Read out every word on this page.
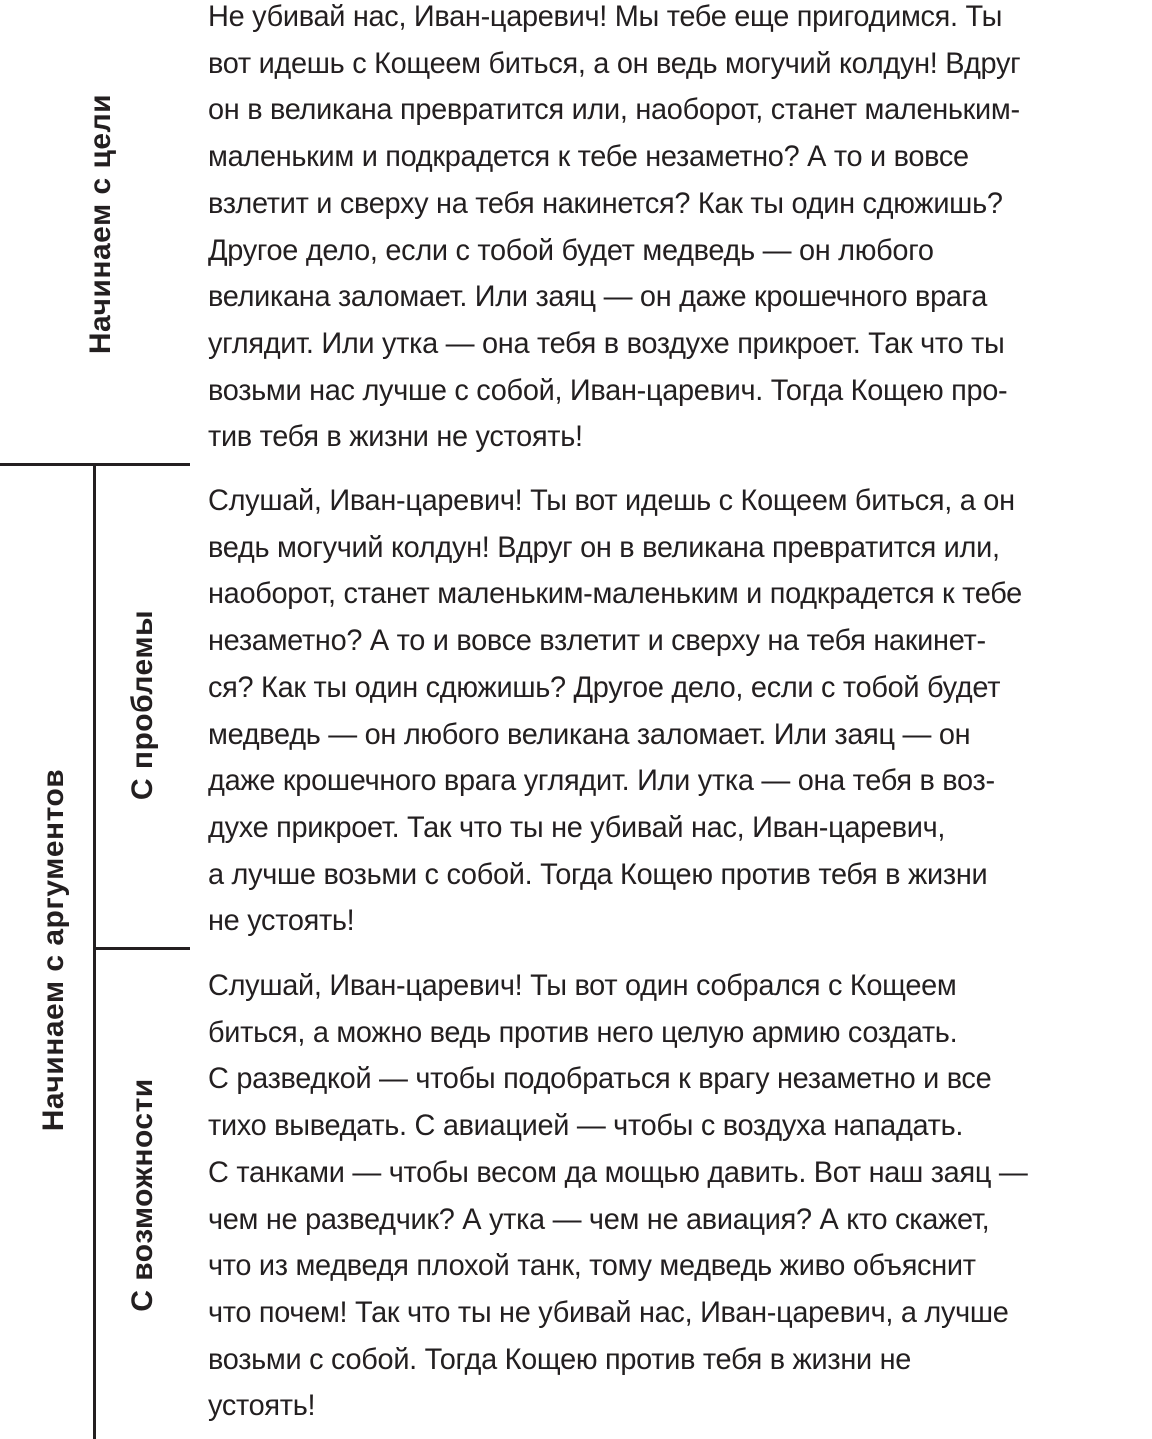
Начинаем с цели
Начинаем с аргументов
С проблемы
С возможности
Не убивай нас, Иван-царевич! Мы тебе еще пригодимся. Ты
вот идешь с Кощеем биться, а он ведь могучий колдун! Вдруг
он в великана превратится или, наоборот, станет маленьким-
маленьким и подкрадется к тебе незаметно? А то и вовсе
взлетит и сверху на тебя накинется? Как ты один сдюжишь?
Другое дело, если с тобой будет медведь — он любого
великана заломает. Или заяц — он даже крошечного врага
углядит. Или утка — она тебя в воздухе прикроет. Так что ты
возьми нас лучше с собой, Иван-царевич. Тогда Кощею про-
тив тебя в жизни не устоять!
Слушай, Иван-царевич! Ты вот идешь с Кощеем биться, а он
ведь могучий колдун! Вдруг он в великана превратится или,
наоборот, станет маленьким-маленьким и подкрадется к тебе
незаметно? А то и вовсе взлетит и сверху на тебя накинет-
ся? Как ты один сдюжишь? Другое дело, если с тобой будет
медведь — он любого великана заломает. Или заяц — он
даже крошечного врага углядит. Или утка — она тебя в воз-
духе прикроет. Так что ты не убивай нас, Иван-царевич,
а лучше возьми с собой. Тогда Кощею против тебя в жизни
не устоять!
Слушай, Иван-царевич! Ты вот один собрался с Кощеем
биться, а можно ведь против него целую армию создать.
С разведкой — чтобы подобраться к врагу незаметно и все
тихо выведать. С авиацией — чтобы с воздуха нападать.
С танками — чтобы весом да мощью давить. Вот наш заяц —
чем не разведчик? А утка — чем не авиация? А кто скажет,
что из медведя плохой танк, тому медведь живо объяснит
что почем! Так что ты не убивай нас, Иван-царевич, а лучше
возьми с собой. Тогда Кощею против тебя в жизни не
устоять!
